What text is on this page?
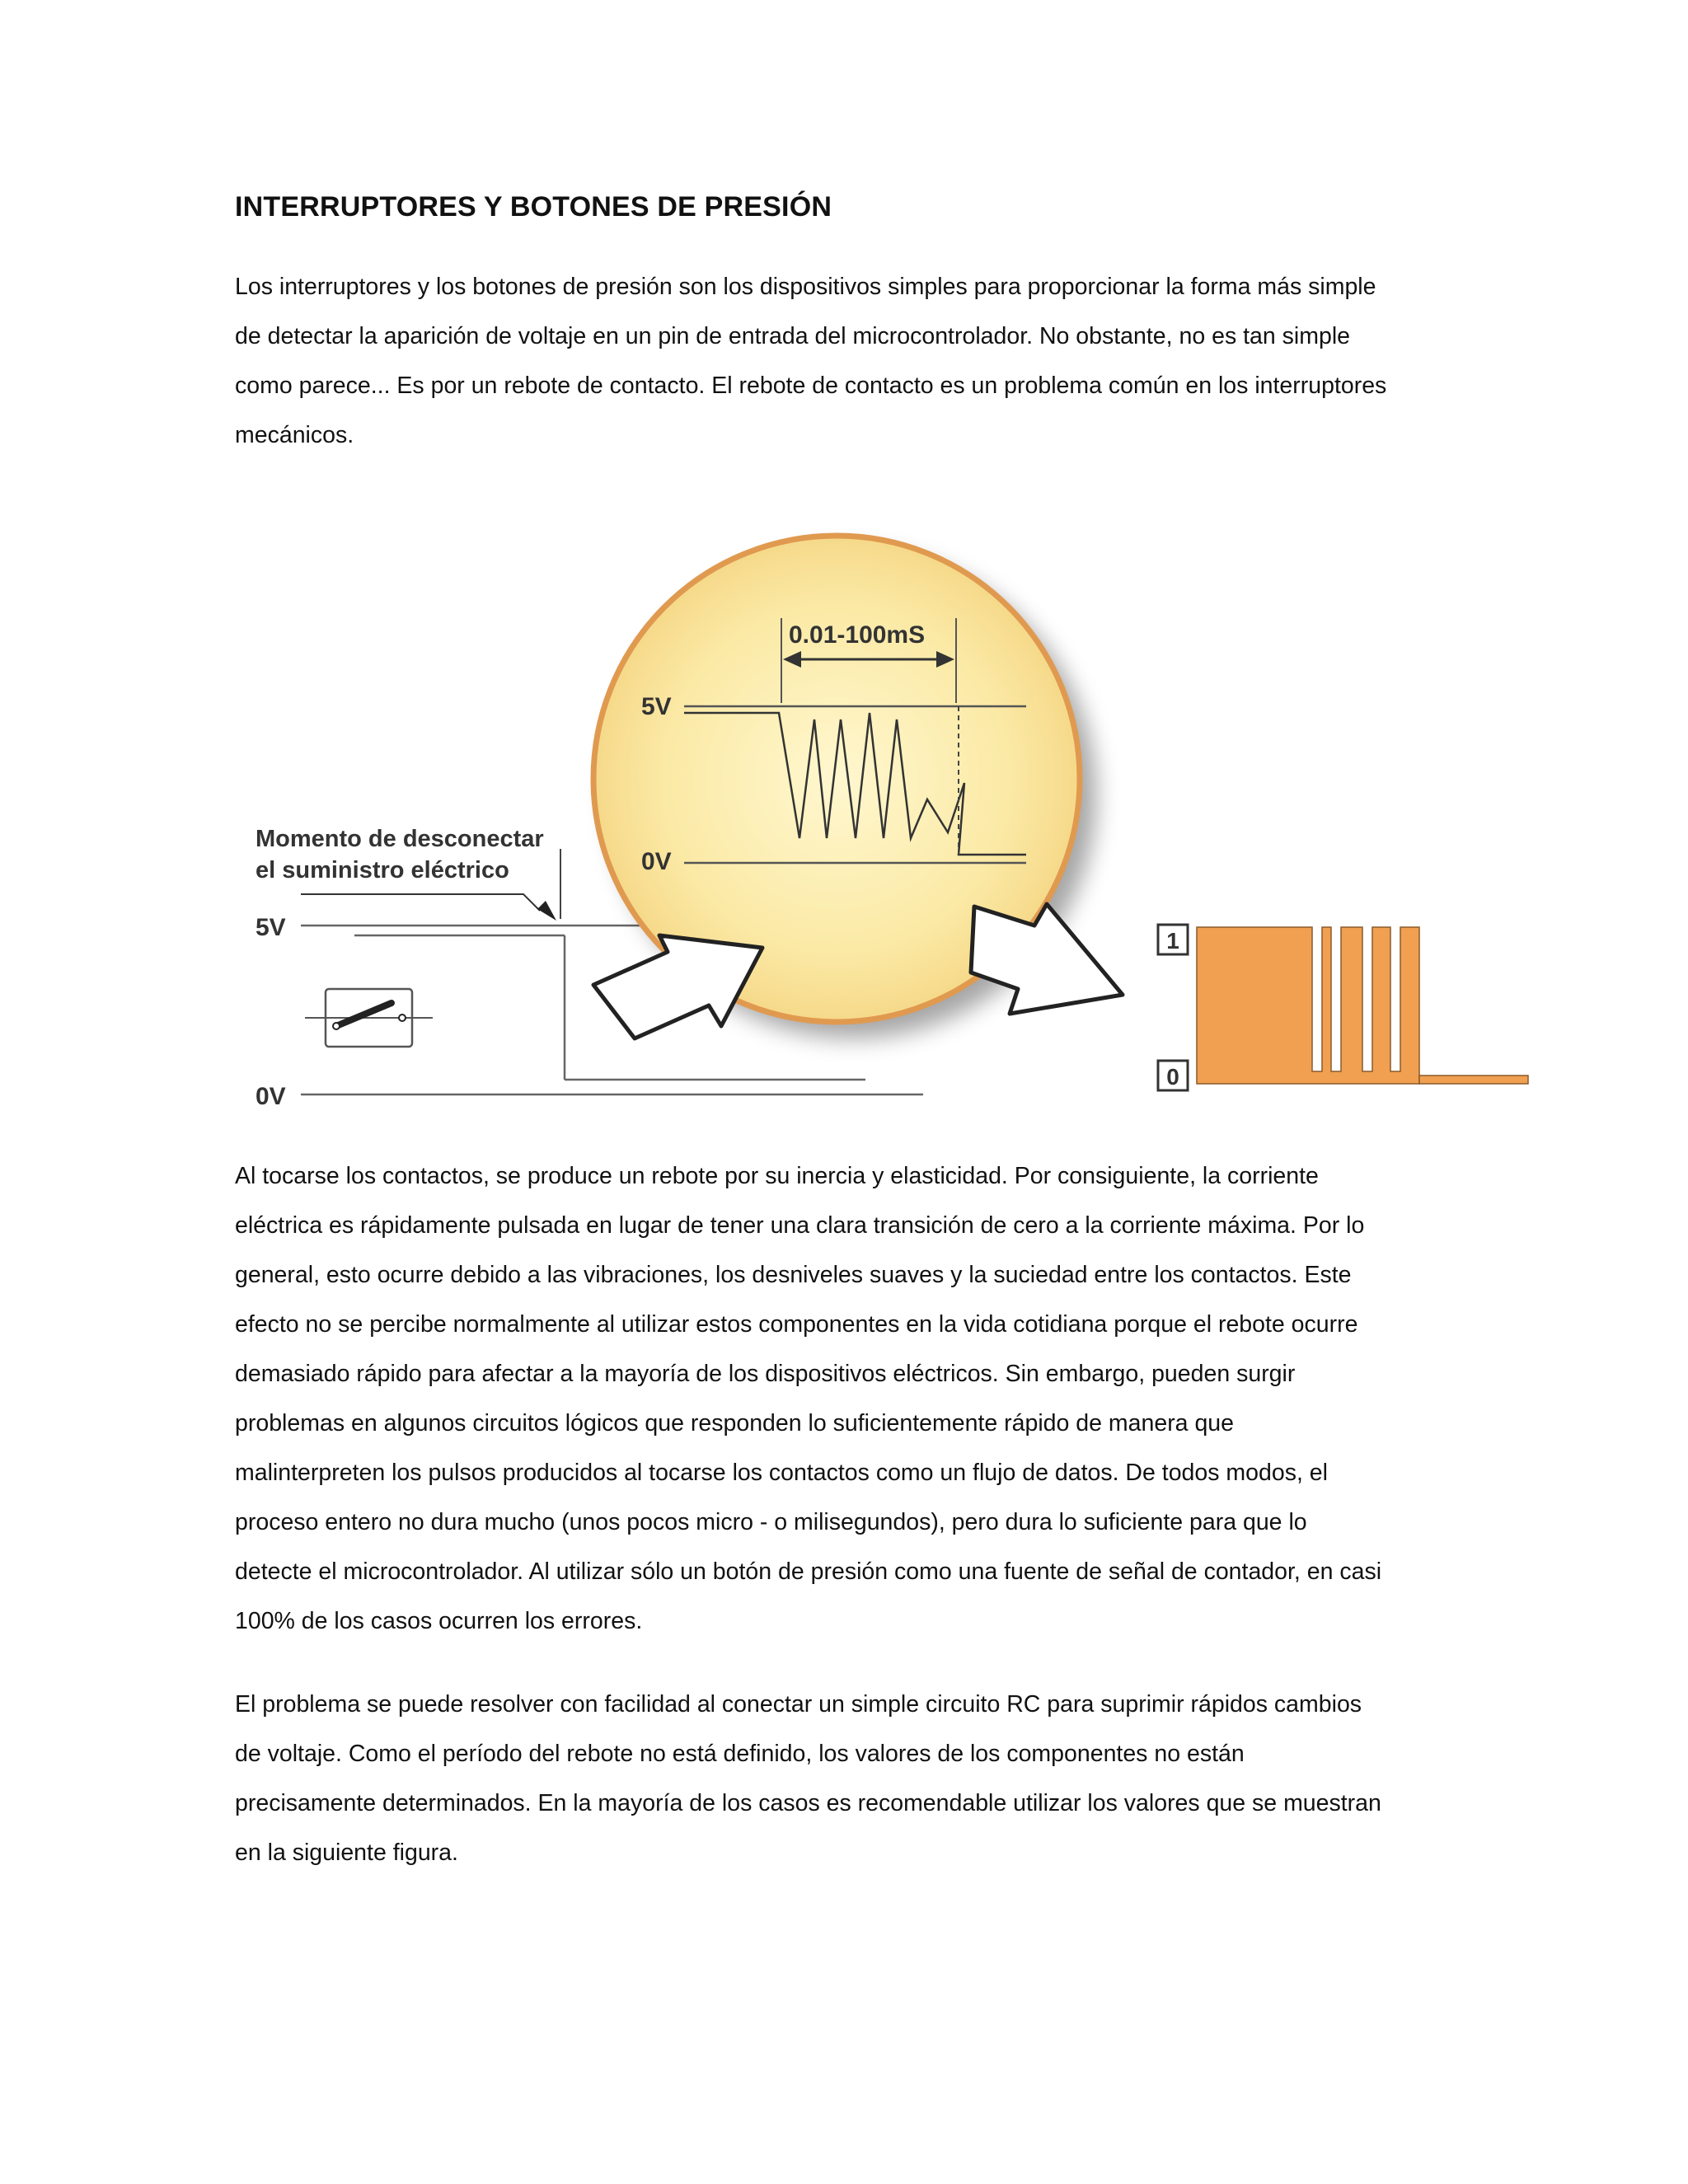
INTERRUPTORES Y BOTONES DE PRESIÓN
Los interruptores y los botones de presión son los dispositivos simples para proporcionar la forma más simple
de detectar la aparición de voltaje en un pin de entrada del microcontrolador. No obstante, no es tan simple
como parece... Es por un rebote de contacto. El rebote de contacto es un problema común en los interruptores
mecánicos.
Momento de desconectar
el suministro eléctrico
5V
0V
0.01-100mS
5V
0V
1
0
Al tocarse los contactos, se produce un rebote por su inercia y elasticidad. Por consiguiente, la corriente
eléctrica es rápidamente pulsada en lugar de tener una clara transición de cero a la corriente máxima. Por lo
general, esto ocurre debido a las vibraciones, los desniveles suaves y la suciedad entre los contactos. Este
efecto no se percibe normalmente al utilizar estos componentes en la vida cotidiana porque el rebote ocurre
demasiado rápido para afectar a la mayoría de los dispositivos eléctricos. Sin embargo, pueden surgir
problemas en algunos circuitos lógicos que responden lo suficientemente rápido de manera que
malinterpreten los pulsos producidos al tocarse los contactos como un flujo de datos. De todos modos, el
proceso entero no dura mucho (unos pocos micro - o milisegundos), pero dura lo suficiente para que lo
detecte el microcontrolador. Al utilizar sólo un botón de presión como una fuente de señal de contador, en casi
100% de los casos ocurren los errores.
El problema se puede resolver con facilidad al conectar un simple circuito RC para suprimir rápidos cambios
de voltaje. Como el período del rebote no está definido, los valores de los componentes no están
precisamente determinados. En la mayoría de los casos es recomendable utilizar los valores que se muestran
en la siguiente figura.
